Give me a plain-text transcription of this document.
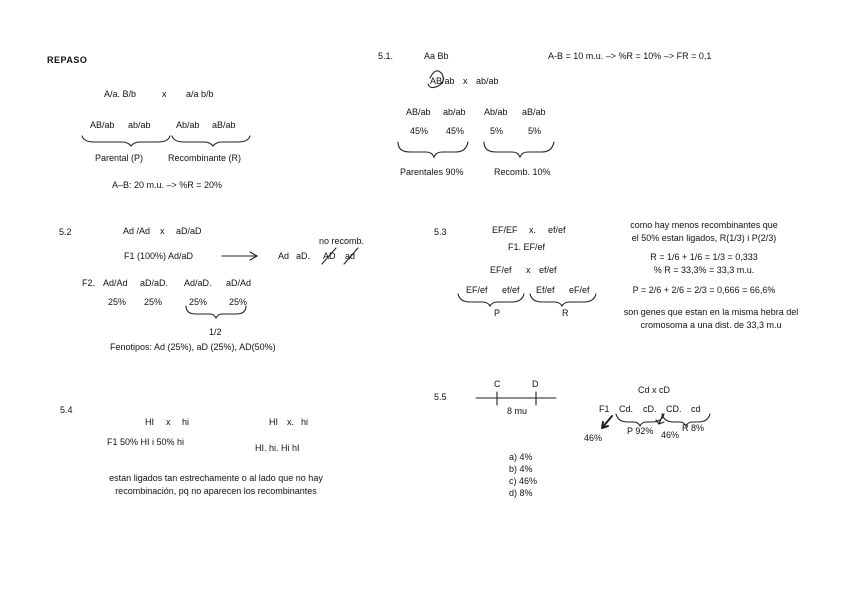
REPASO
A/a. B/b	x a/a b/b
AB/ab ab/ab	Ab/ab aB/ab
Parental (P)	Recombinante (R)
A–B: 20 m.u. –> %R = 20%
5.1.	Aa Bb	A-B = 10 m.u. –> %R = 10% –> FR = 0,1
AB/ab x ab/ab
AB/ab ab/ab Ab/ab aB/ab
45% 45%	5%	5%
Parentales 90%	Recomb. 10%
5.2	Ad /Ad x aD/aD
no recomb.
F1 (100%) Ad/aD	Ad aD. AD ad
F2. Ad/Ad aD/aD. Ad/aD. aD/Ad
25% 25%	25% 25%
1/2
Fenotipos: Ad (25%), aD (25%), AD(50%)
5.3	EF/EF x. ef/ef
F1. EF/ef
EF/ef x ef/ef
EF/ef ef/ef Ef/ef eF/ef
P	R
como hay menos recombinantes que
el 50% estan ligados, R(1/3) i P(2/3)
R = 1/6 + 1/6 = 1/3 = 0,333
% R = 33,3% = 33,3 m.u.
P = 2/6 + 2/6 = 2/3 = 0,666 = 66,6%
son genes que estan en la misma hebra del
cromosoma a una dist. de 33,3 m.u
5.4
HI x hi	HI x. hi
F1 50% HI i 50% hi
HI. hi. Hi hI
estan ligados tan estrechamente o al lado que no hay
recombinación, pq no aparecen los recombinantes
5.5
C	D
8 mu
Cd x cD
F1 Cd. cD. CD. cd
P 92%	R 8%
46%	46%
a) 4%
b) 4%
c) 46%
d) 8%
